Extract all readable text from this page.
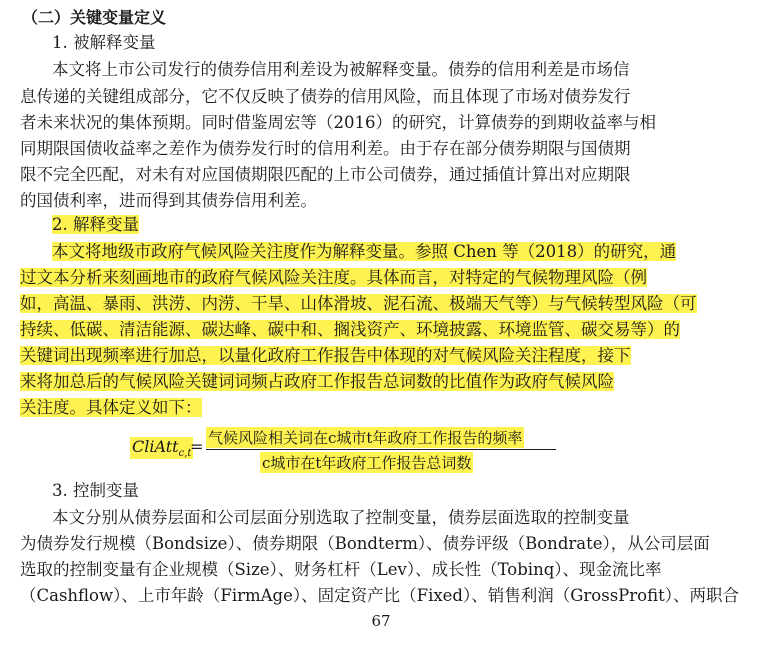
（二）关键变量定义
1. 被解释变量
本文将上市公司发行的债券信用利差设为被解释变量。债券的信用利差是市场信
息传递的关键组成部分，它不仅反映了债券的信用风险，而且体现了市场对债券发行
者未来状况的集体预期。同时借鉴周宏等（2016）的研究，计算债券的到期收益率与相
同期限国债收益率之差作为债券发行时的信用利差。由于存在部分债券期限与国债期
限不完全匹配，对未有对应国债期限匹配的上市公司债券，通过插值计算出对应期限
的国债利率，进而得到其债券信用利差。
2. 解释变量
本文将地级市政府气候风险关注度作为解释变量。参照 Chen 等（2018）的研究，通
过文本分析来刻画地市的政府气候风险关注度。具体而言，对特定的气候物理风险（例
如，高温、暴雨、洪涝、内涝、干旱、山体滑坡、泥石流、极端天气等）与气候转型风险（可
持续、低碳、清洁能源、碳达峰、碳中和、搁浅资产、环境披露、环境监管、碳交易等）的
关键词出现频率进行加总，以量化政府工作报告中体现的对气候风险关注程度，接下
来将加总后的气候风险关键词词频占政府工作报告总词数的比值作为政府气候风险
关注度。具体定义如下：
CliAtt$_{c,t}$
= 气候风险相关词在c城市t年政府工作报告的频率
c城市在t年政府工作报告总词数
3. 控制变量
本文分别从债券层面和公司层面分别选取了控制变量，债券层面选取的控制变量
为债券发行规模（Bondsize）、债券期限（Bondterm）、债券评级（Bondrate），从公司层面
选取的控制变量有企业规模（Size）、财务杠杆（Lev）、成长性（Tobinq）、现金流比率
（Cashflow）、上市年龄（FirmAge）、固定资产比（Fixed）、销售利润（GrossProfit）、两职合
67
